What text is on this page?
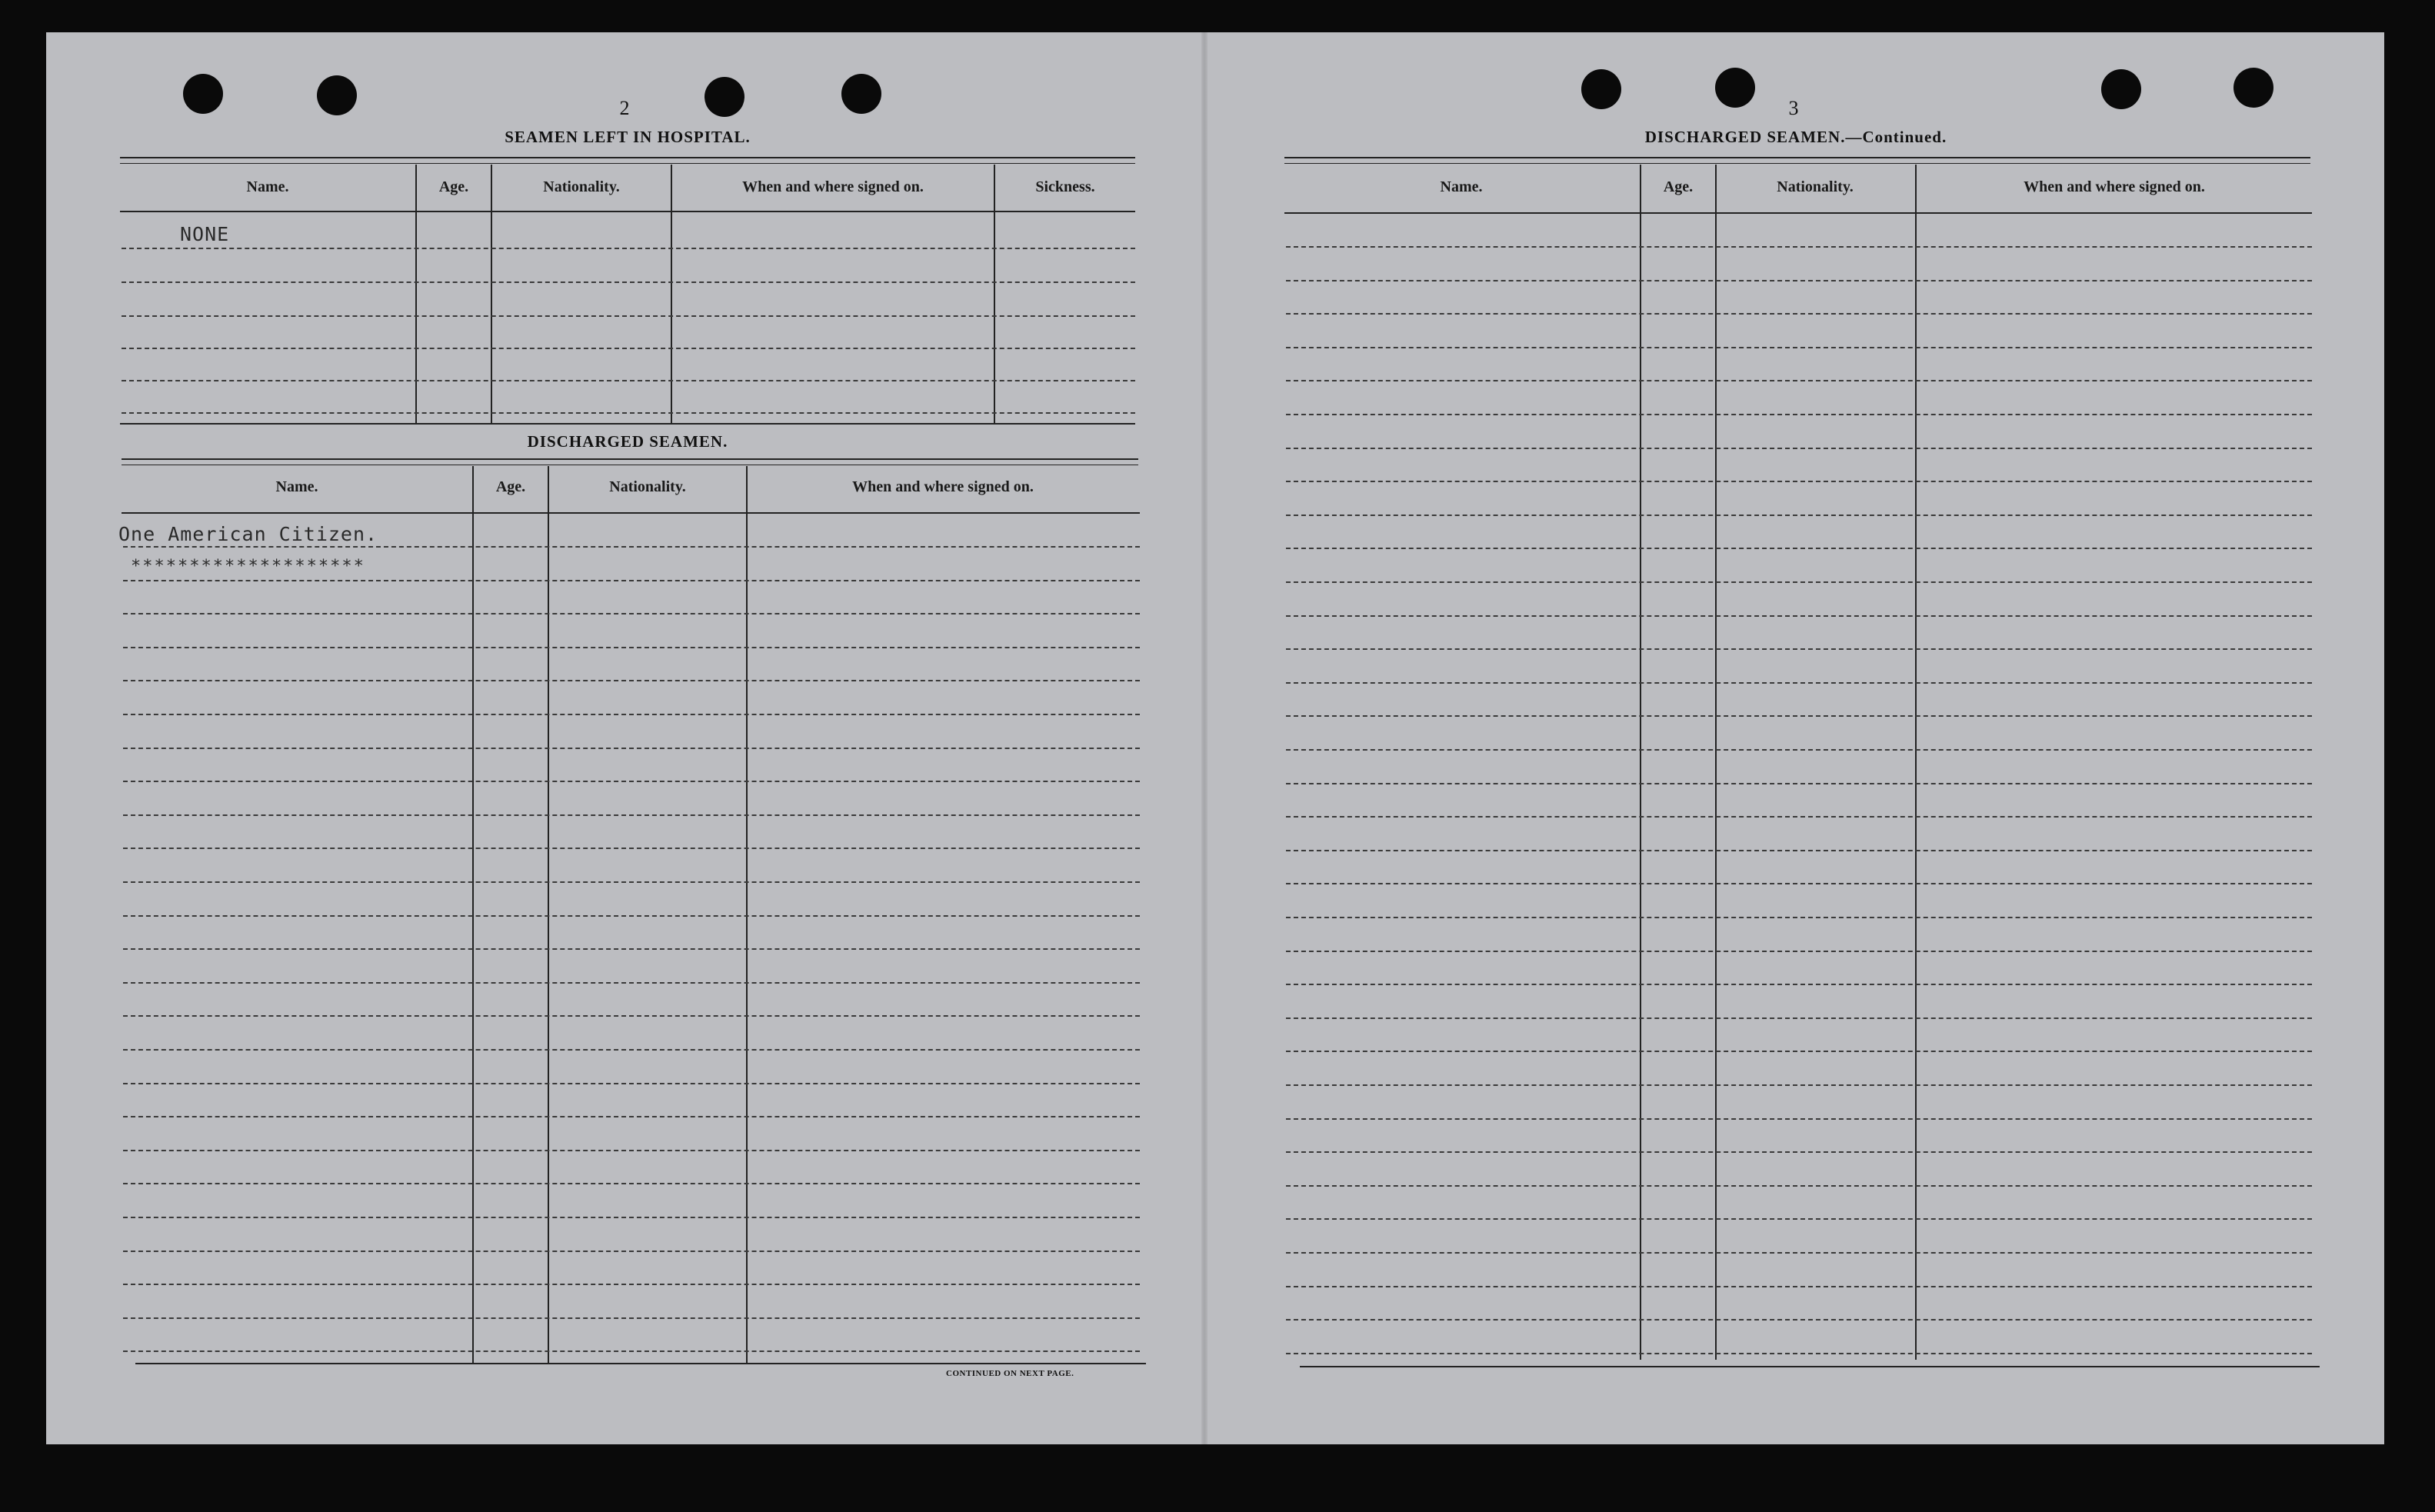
2
SEAMEN LEFT IN HOSPITAL.
Name.	Age.	Nationality.	When and where signed on.	Sickness.
NONE
DISCHARGED SEAMEN.
Name.	Age.	Nationality.	When and where signed on.
One American Citizen.
********************
CONTINUED ON NEXT PAGE.
3
DISCHARGED SEAMEN.—Continued.
Name.	Age.	Nationality.	When and where signed on.
